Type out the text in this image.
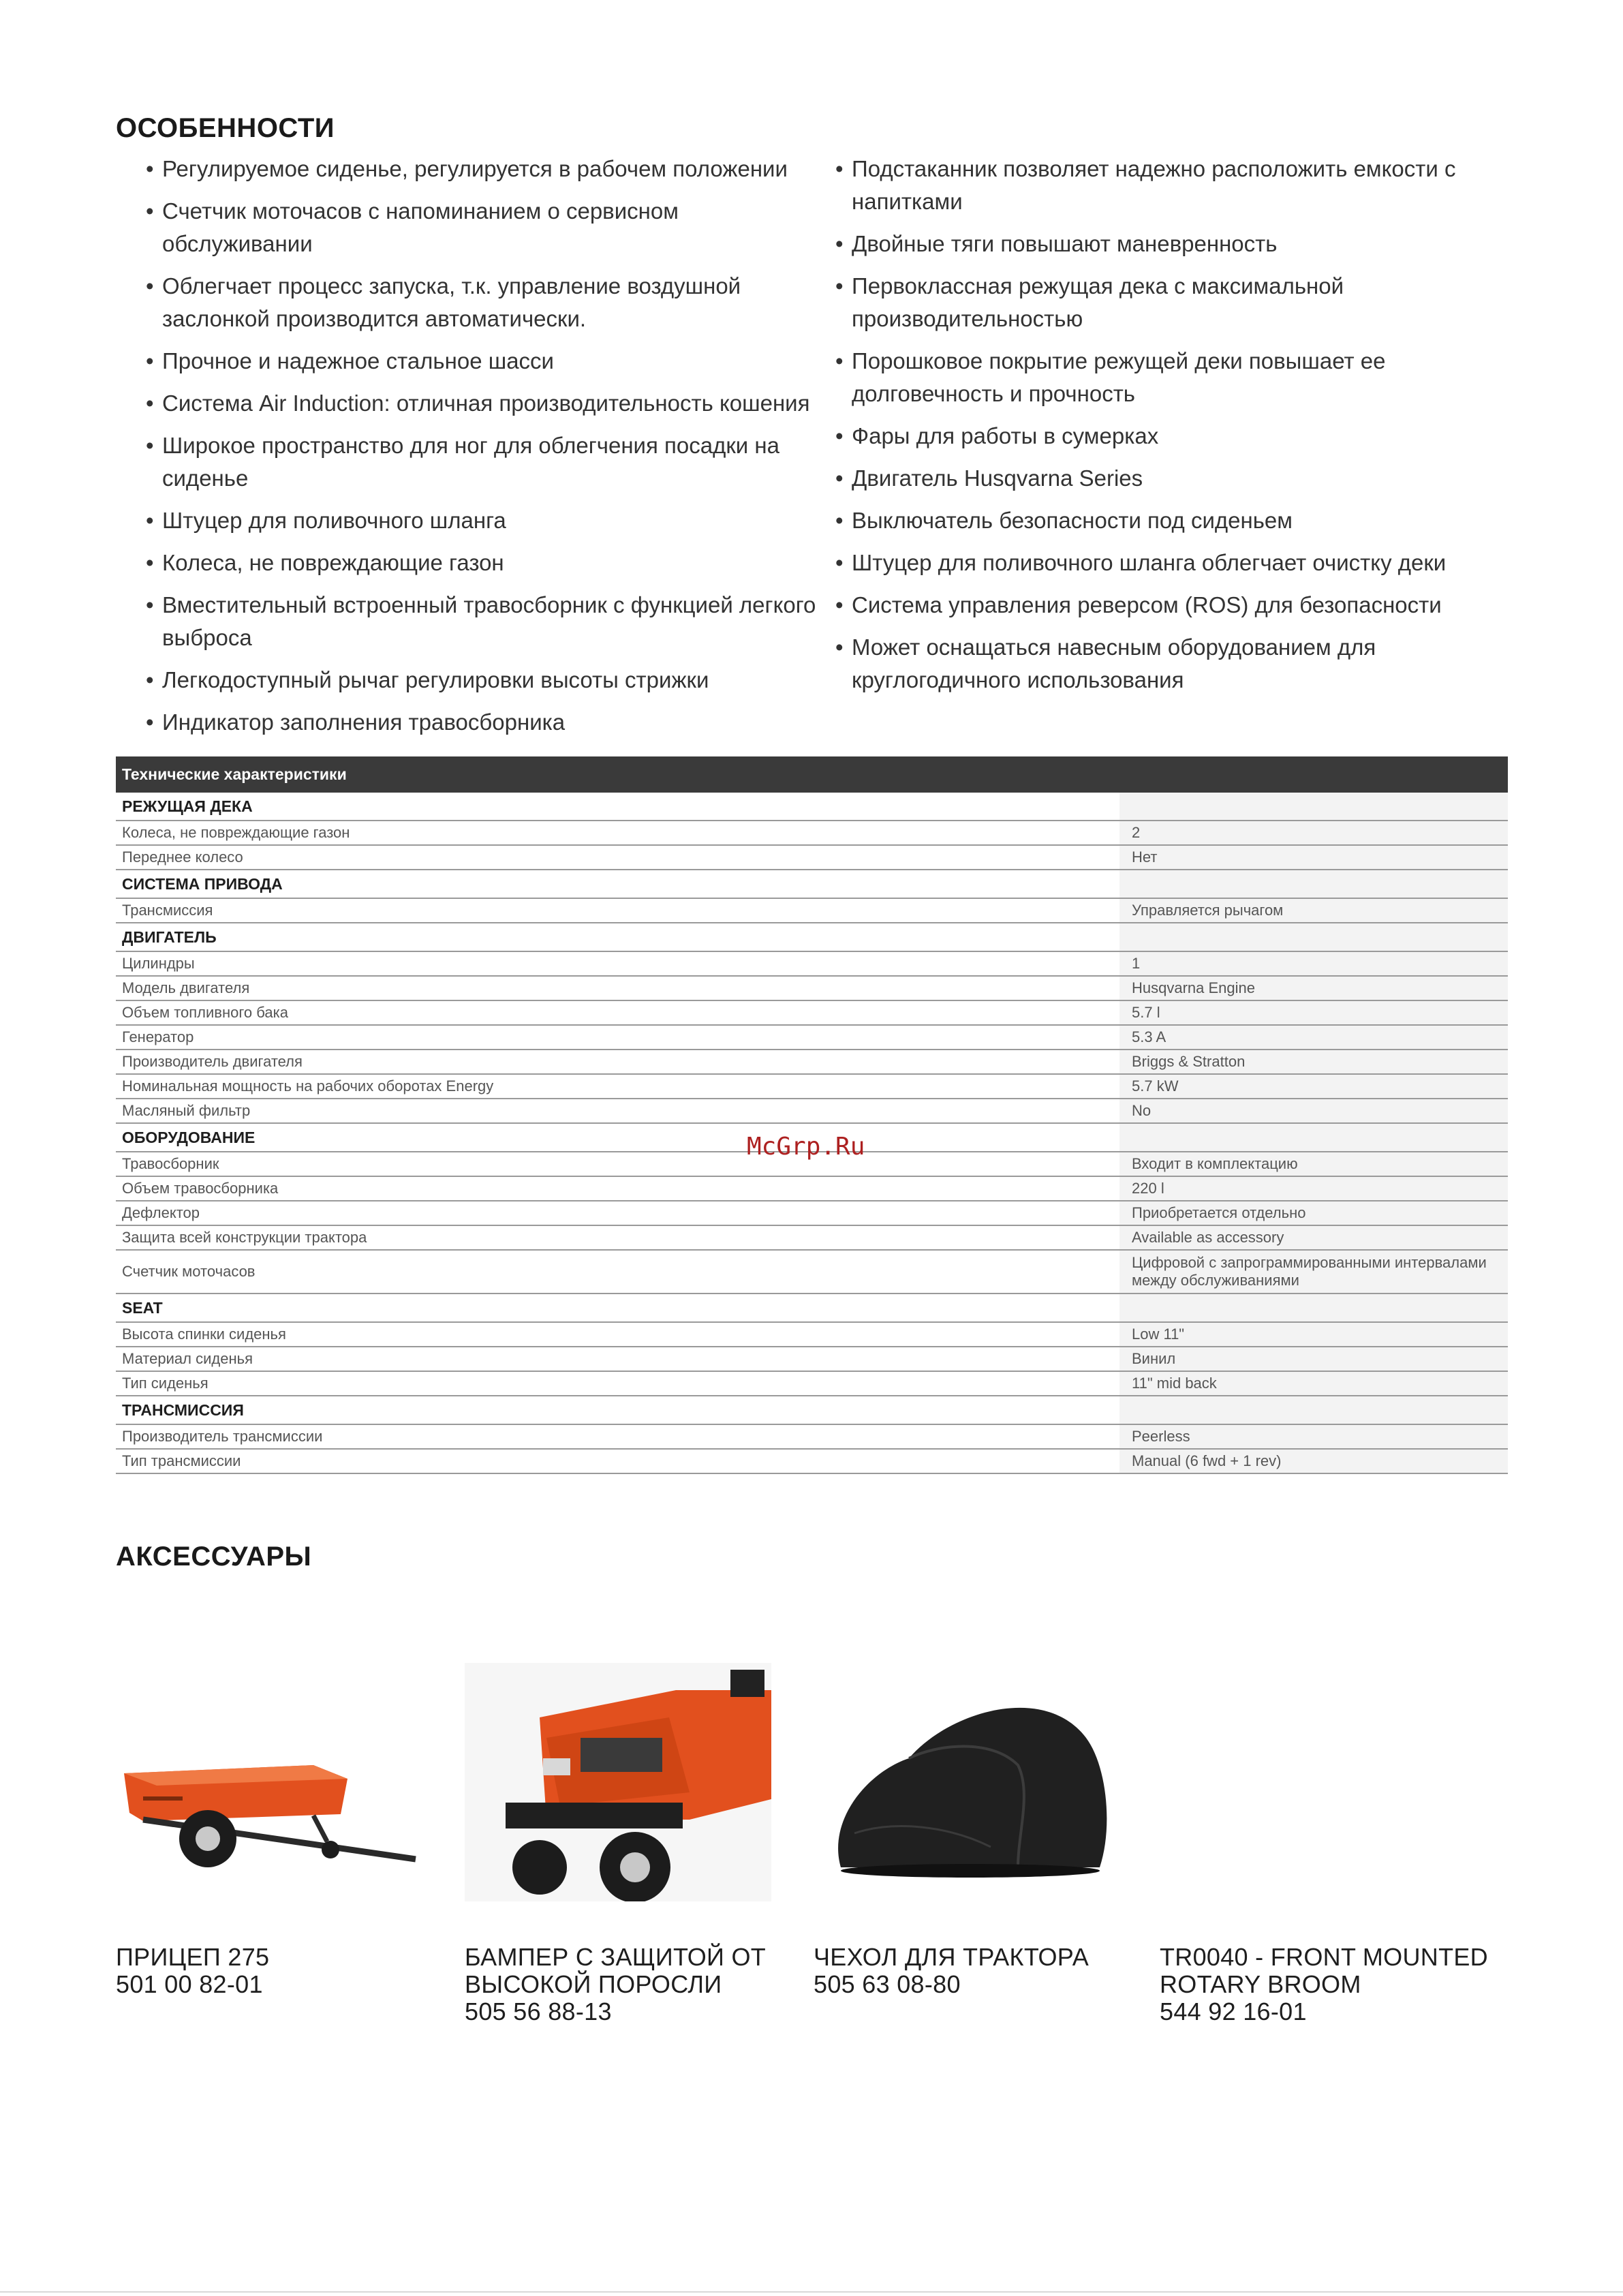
ОСОБЕННОСТИ
• Регулируемое сиденье, регулируется в рабочем положении
• Счетчик моточасов с напоминанием о сервисном обслуживании
• Облегчает процесс запуска, т.к. управление воздушной заслонкой производится автоматически.
• Прочное и надежное стальное шасси
• Система Air Induction: отличная производительность кошения
• Широкое пространство для ног для облегчения посадки на сиденье
• Штуцер для поливочного шланга
• Колеса, не повреждающие газон
• Вместительный встроенный травосборник с функцией легкого выброса
• Легкодоступный рычаг регулировки высоты стрижки
• Индикатор заполнения травосборника
• Подстаканник позволяет надежно расположить емкости с напитками
• Двойные тяги повышают маневренность
• Первоклассная режущая дека с максимальной производительностью
• Порошковое покрытие режущей деки повышает ее долговечность и прочность
• Фары для работы в сумерках
• Двигатель Husqvarna Series
• Выключатель безопасности под сиденьем
• Штуцер для поливочного шланга облегчает очистку деки
• Система управления реверсом (ROS) для безопасности
• Может оснащаться навесным оборудованием для круглогодичного использования
Технические характеристики	
РЕЖУЩАЯ ДЕКА	
Колеса, не повреждающие газон	2
Переднее колесо	Нет
СИСТЕМА ПРИВОДА	
Трансмиссия	Управляется рычагом
ДВИГАТЕЛЬ	
Цилиндры	1
Модель двигателя	Husqvarna Engine
Объем топливного бака	5.7 l
Генератор	5.3 A
Производитель двигателя	Briggs & Stratton
Номинальная мощность на рабочих оборотах Energy	5.7 kW
Масляный фильтр	No
ОБОРУДОВАНИЕ	
Травосборник	Входит в комплектацию
Объем травосборника	220 l
Дефлектор	Приобретается отдельно
Защита всей конструкции трактора	Available as accessory
Счетчик моточасов	Цифровой с запрограммированными интервалами между обслуживаниями
SEAT	
Высота спинки сиденья	Low 11"
Материал сиденья	Винил
Тип сиденья	11" mid back
ТРАНСМИССИЯ	
Производитель трансмиссии	Peerless
Тип трансмиссии	Manual (6 fwd + 1 rev)
McGrp.Ru
АКСЕССУАРЫ
ПРИЦЕП 275
501 00 82-01
БАМПЕР С ЗАЩИТОЙ ОТ
ВЫСОКОЙ ПОРОСЛИ
505 56 88-13
ЧЕХОЛ ДЛЯ ТРАКТОРА
505 63 08-80
TR0040 - FRONT MOUNTED
ROTARY BROOM
544 92 16-01
